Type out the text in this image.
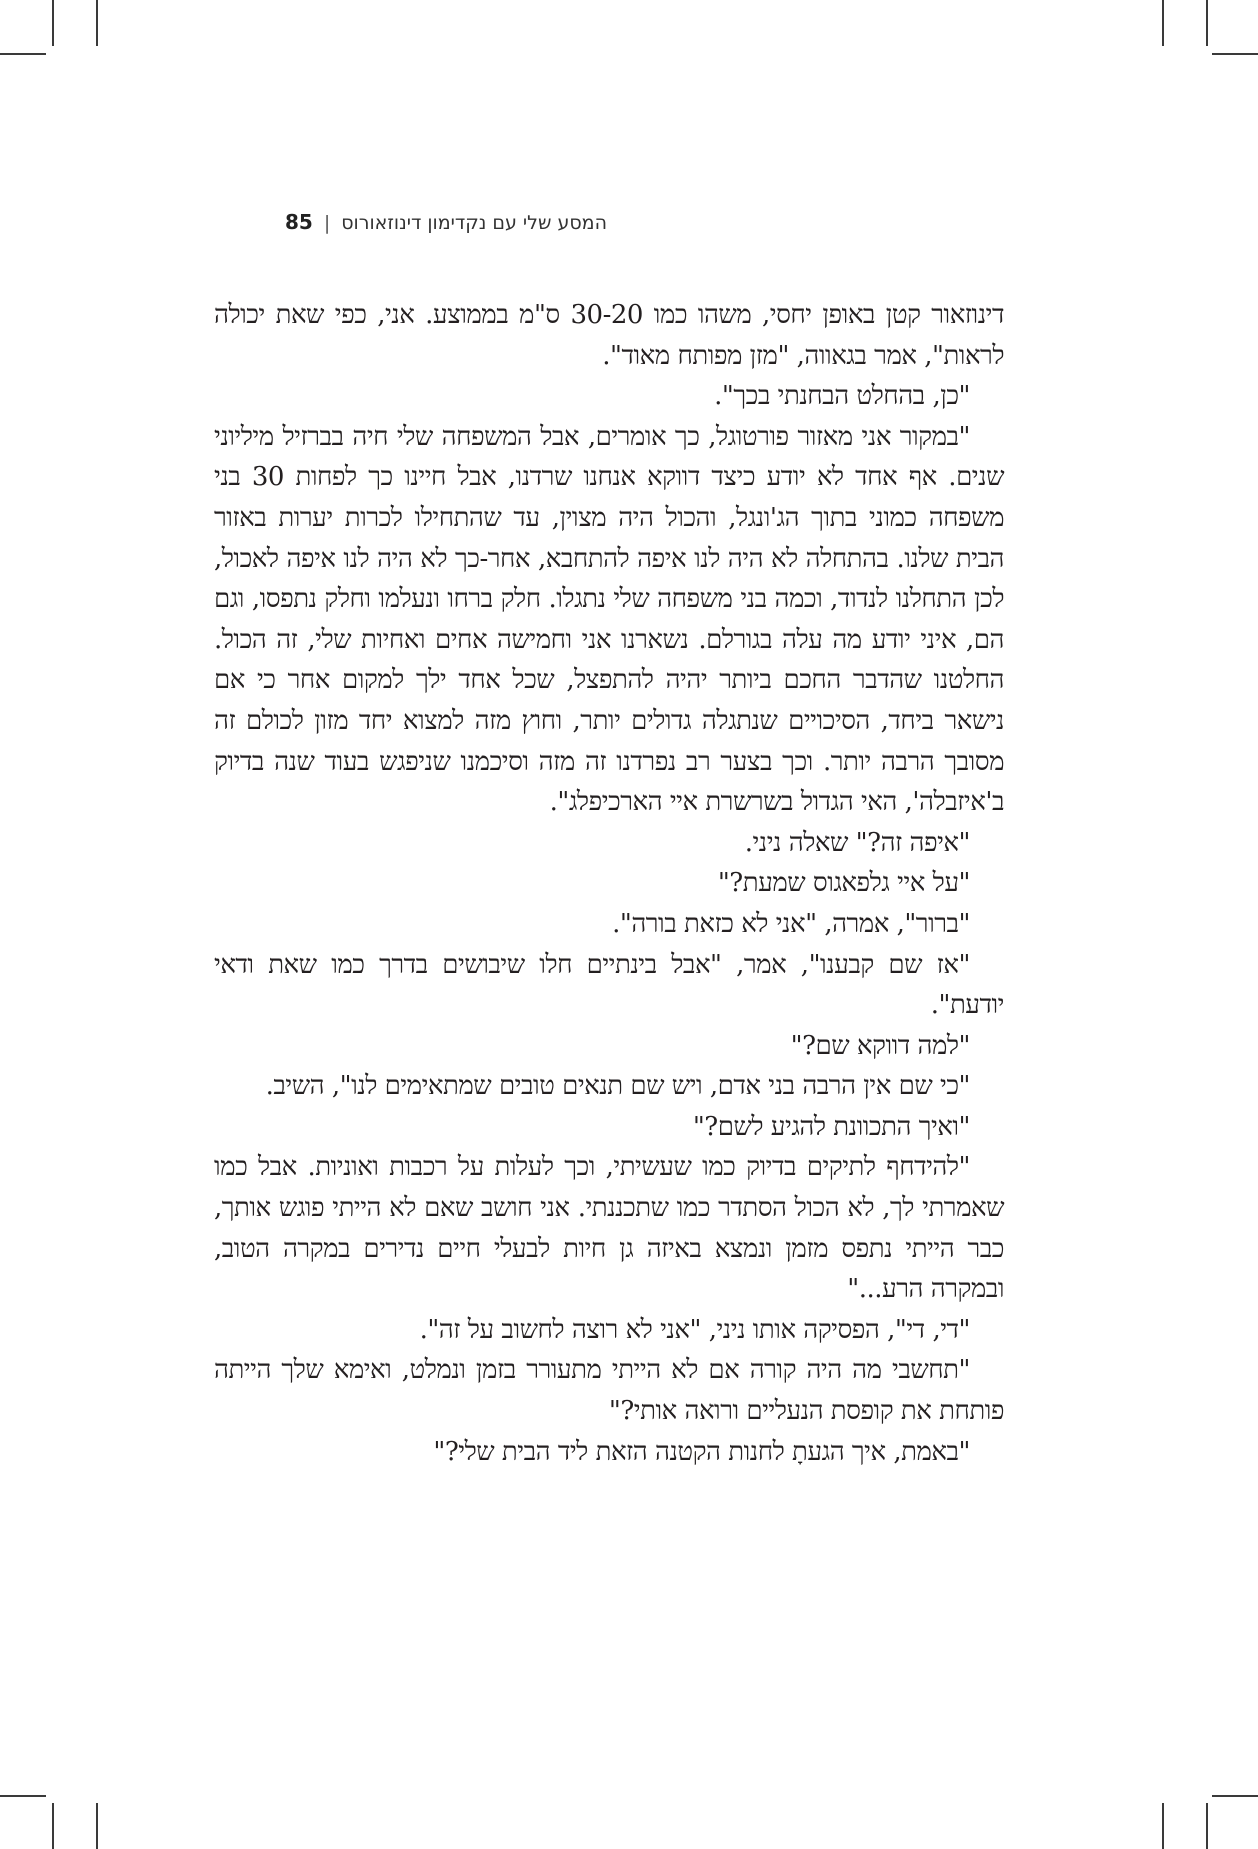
המסע שלי עם נקדימון דינוזאורוס
|
85

דינוזאור קטן באופן יחסי, משהו כמו 30-20 ס"מ בממוצע. אני, כפי שאת יכולה לראות", אמר בגאווה, "מזן מפותח מאוד".

"כן, בהחלט הבחנתי בכך".

"במקור אני מאזור פורטוגל, כך אומרים, אבל המשפחה שלי חיה בברזיל מיליוני שנים. אף אחד לא יודע כיצד דווקא אנחנו שרדנו, אבל חיינו כך לפחות 30 בני משפחה כמוני בתוך הג'ונגל, והכול היה מצוין, עד שהתחילו לכרות יערות באזור הבית שלנו. בהתחלה לא היה לנו איפה להתחבא, אחר-כך לא היה לנו איפה לאכול, לכן התחלנו לנדוד, וכמה בני משפחה שלי נתגלו. חלק ברחו ונעלמו וחלק נתפסו, וגם הם, איני יודע מה עלה בגורלם. נשארנו אני וחמישה אחים ואחיות שלי, זה הכול. החלטנו שהדבר החכם ביותר יהיה להתפצל, שכל אחד ילך למקום אחר כי אם נישאר ביחד, הסיכויים שנתגלה גדולים יותר, וחוץ מזה למצוא יחד מזון לכולם זה מסובך הרבה יותר. וכך בצער רב נפרדנו זה מזה וסיכמנו שניפגש בעוד שנה בדיוק ב'איזבלה', האי הגדול בשרשרת איי הארכיפלג".

"איפה זה?" שאלה ניני.

"על איי גלפאגוס שמעת?"

"ברור", אמרה, "אני לא כזאת בורה".

"אז שם קבענו", אמר, "אבל בינתיים חלו שיבושים בדרך כמו שאת ודאי יודעת".

"למה דווקא שם?"

"כי שם אין הרבה בני אדם, ויש שם תנאים טובים שמתאימים לנו", השיב.

"ואיך התכוונת להגיע לשם?"

"להידחף לתיקים בדיוק כמו שעשיתי, וכך לעלות על רכבות ואוניות. אבל כמו שאמרתי לך, לא הכול הסתדר כמו שתכננתי. אני חושב שאם לא הייתי פוגש אותך, כבר הייתי נתפס מזמן ונמצא באיזה גן חיות לבעלי חיים נדירים במקרה הטוב, ובמקרה הרע..."

"די, די", הפסיקה אותו ניני, "אני לא רוצה לחשוב על זה".

"תחשבי מה היה קורה אם לא הייתי מתעורר בזמן ונמלט, ואימא שלך הייתה פותחת את קופסת הנעליים ורואה אותי?"

"באמת, איך הגעתָ לחנות הקטנה הזאת ליד הבית שלי?"
